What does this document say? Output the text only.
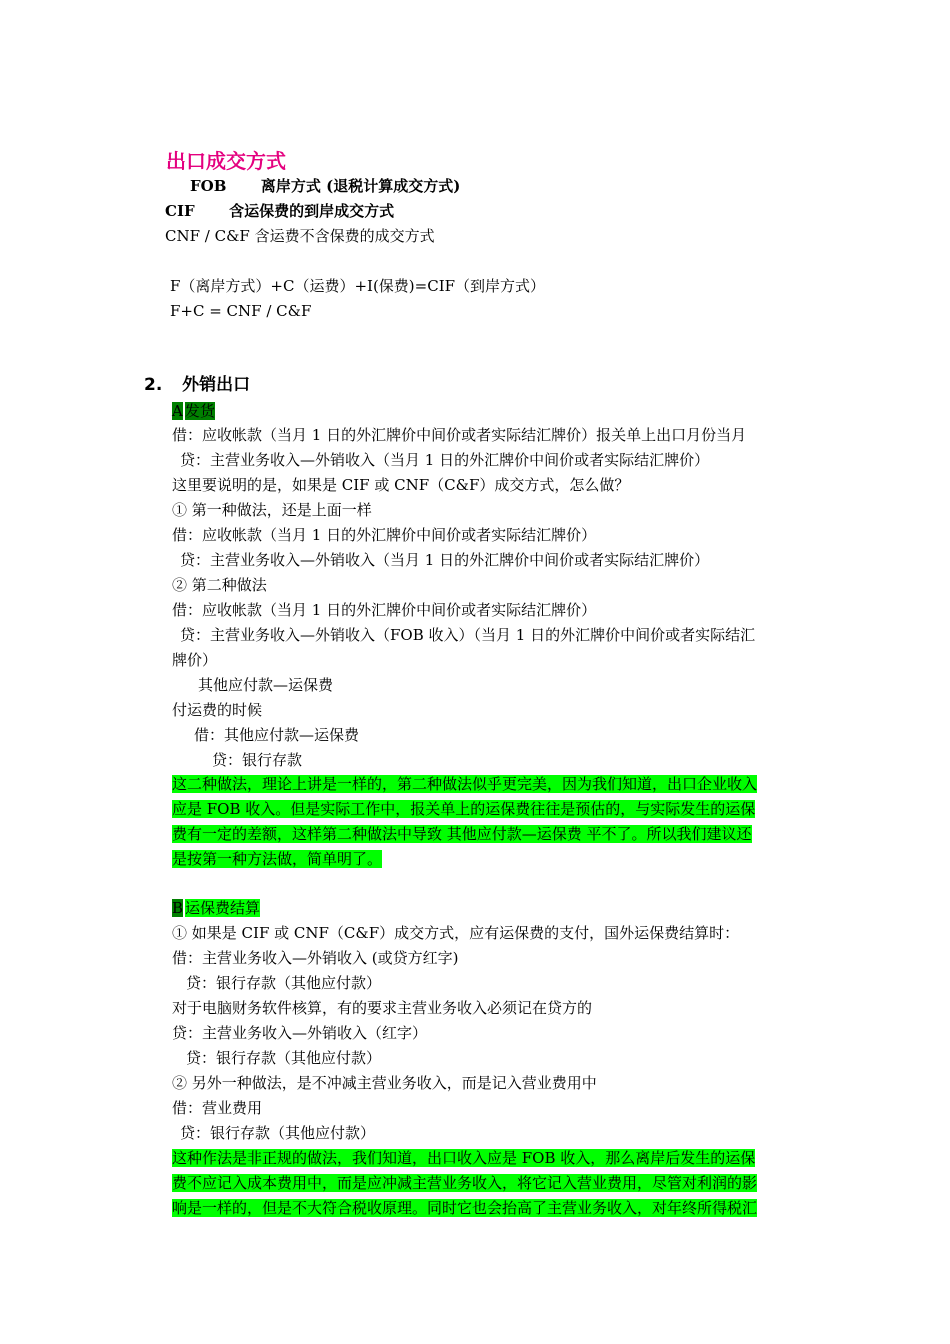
出口成交方式
FOB 离岸方式 (退税计算成交方式)
CIF 含运保费的到岸成交方式
CNF / C&F 含运费不含保费的成交方式
F（离岸方式）+C（运费）+I(保费)=CIF（到岸方式）
F+C = CNF / C&F
2. 外销出口
A 发货
借：应收帐款（当月 1 日的外汇牌价中间价或者实际结汇牌价）报关单上出口月份当月
贷：主营业务收入—外销收入（当月 1 日的外汇牌价中间价或者实际结汇牌价）
这里要说明的是，如果是 CIF 或 CNF（C&F）成交方式，怎么做？
① 第一种做法，还是上面一样
借：应收帐款（当月 1 日的外汇牌价中间价或者实际结汇牌价）
贷：主营业务收入—外销收入（当月 1 日的外汇牌价中间价或者实际结汇牌价）
② 第二种做法
借：应收帐款（当月 1 日的外汇牌价中间价或者实际结汇牌价）
贷：主营业务收入—外销收入（FOB 收入）（当月 1 日的外汇牌价中间价或者实际结汇
牌价）
其他应付款—运保费
付运费的时候
借：其他应付款—运保费
贷：银行存款
这二种做法，理论上讲是一样的，第二种做法似乎更完美，因为我们知道，出口企业收入
应是 FOB 收入。但是实际工作中，报关单上的运保费往往是预估的，与实际发生的运保
费有一定的差额，这样第二种做法中导致 其他应付款—运保费 平不了。所以我们建议还
是按第一种方法做，简单明了。
B 运保费结算
① 如果是 CIF 或 CNF（C&F）成交方式，应有运保费的支付，国外运保费结算时：
借：主营业务收入—外销收入 (或贷方红字)
贷：银行存款（其他应付款）
对于电脑财务软件核算，有的要求主营业务收入必须记在贷方的
贷：主营业务收入—外销收入（红字）
贷：银行存款（其他应付款）
② 另外一种做法，是不冲减主营业务收入，而是记入营业费用中
借：营业费用
贷：银行存款（其他应付款）
这种作法是非正规的做法，我们知道，出口收入应是 FOB 收入，那么离岸后发生的运保
费不应记入成本费用中，而是应冲减主营业务收入，将它记入营业费用，尽管对利润的影
响是一样的，但是不大符合税收原理。同时它也会抬高了主营业务收入，对年终所得税汇
